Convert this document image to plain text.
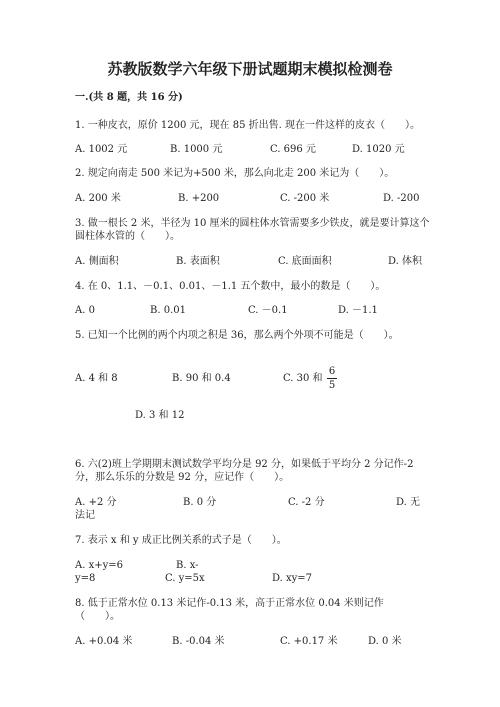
苏教版数学六年级下册试题期末模拟检测卷
一.(共 8 题，共 16 分)
1. 一种皮衣，原价 1200 元，现在 85 折出售. 现在一件这样的皮衣（　　）。
A. 1002 元	B. 1000 元	C. 696 元	D. 1020 元
2. 规定向南走 500 米记为+500 米，那么向北走 200 米记为（　　）。
A. 200 米	B. +200	C. -200 米	D. -200
3. 做一根长 2 米，半径为 10 厘米的圆柱体水管需要多少铁皮，就是要计算这个
圆柱体水管的（　　）。
A. 侧面积	B. 表面积	C. 底面面积	D. 体积
4. 在 0、1.1、－0.1、0.01、－1.1 五个数中，最小的数是（　　）。
A. 0	B. 0.01	C. －0.1	D. －1.1
5. 已知一个比例的两个内项之积是 36，那么两个外项不可能是（　　）。
A. 4 和 8	B. 90 和 0.4	C. 30 和
6
5
D. 3 和 12
6. 六(2)班上学期期末测试数学平均分是 92 分，如果低于平均分 2 分记作-2
分，那么乐乐的分数是 92 分，应记作（　　）。
A. +2 分	B. 0 分	C. -2 分	D. 无
法记
7. 表示 x 和 y 成正比例关系的式子是（　　）。
A. x+y=6
y=8
B. x-
C. y=5x	D. xy=7
8. 低于正常水位 0.13 米记作-0.13 米，高于正常水位 0.04 米则记作
（　　）。
A. +0.04 米	B. -0.04 米	C. +0.17 米	D. 0 米
